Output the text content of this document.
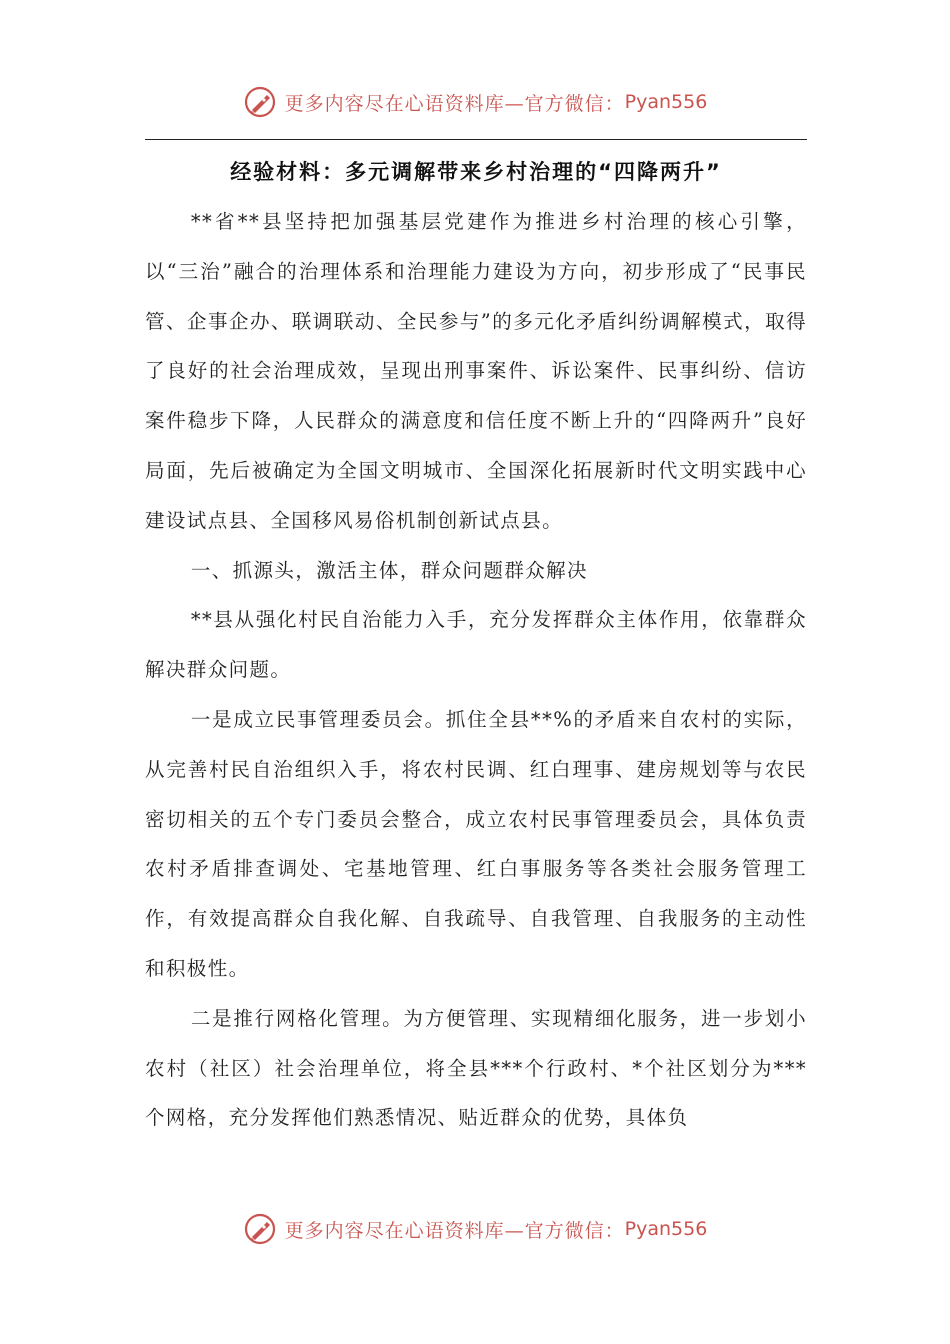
更多内容尽在心语资料库—官方微信： Pyan556
经验材料：多元调解带来乡村治理的“四降两升”

**省**县坚持把加强基层党建作为推进乡村治理的核心引擎，以“三治”融合的治理体系和治理能力建设为方向，初步形成了“民事民管、企事企办、联调联动、全民参与”的多元化矛盾纠纷调解模式，取得了良好的社会治理成效，呈现出刑事案件、诉讼案件、民事纠纷、信访案件稳步下降，人民群众的满意度和信任度不断上升的“四降两升”良好局面，先后被确定为全国文明城市、全国深化拓展新时代文明实践中心建设试点县、全国移风易俗机制创新试点县。

一、抓源头，激活主体，群众问题群众解决

**县从强化村民自治能力入手，充分发挥群众主体作用，依靠群众解决群众问题。

一是成立民事管理委员会。抓住全县**%的矛盾来自农村的实际，从完善村民自治组织入手，将农村民调、红白理事、建房规划等与农民密切相关的五个专门委员会整合，成立农村民事管理委员会，具体负责农村矛盾排查调处、宅基地管理、红白事服务等各类社会服务管理工作，有效提高群众自我化解、自我疏导、自我管理、自我服务的主动性和积极性。

二是推行网格化管理。为方便管理、实现精细化服务，进一步划小农村（社区）社会治理单位，将全县***个行政村、*个社区划分为***个网格，充分发挥他们熟悉情况、贴近群众的优势，具体负

更多内容尽在心语资料库—官方微信： Pyan556
